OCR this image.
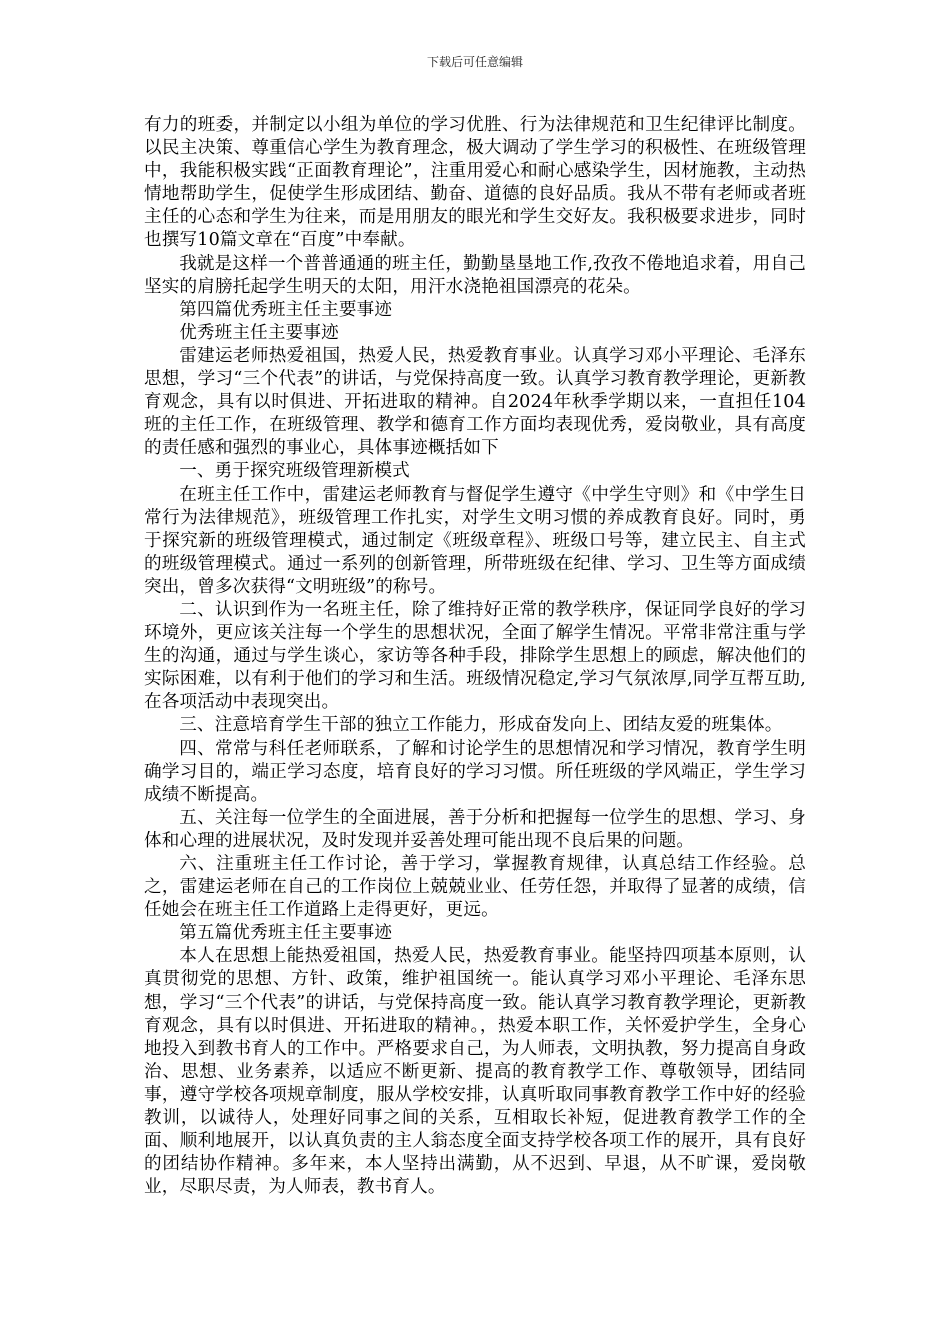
下载后可任意编辑

有力的班委，并制定以小组为单位的学习优胜、行为法律规范和卫生纪律评比制度。以民主决策、尊重信心学生为教育理念，极大调动了学生学习的积极性、在班级管理中，我能积极实践“正面教育理论”，注重用爱心和耐心感染学生，因材施教，主动热情地帮助学生，促使学生形成团结、勤奋、道德的良好品质。我从不带有老师或者班主任的心态和学生为往来，而是用朋友的眼光和学生交好友。我积极要求进步，同时也撰写10篇文章在“百度”中奉献。

我就是这样一个普普通通的班主任，勤勤垦垦地工作,孜孜不倦地追求着，用自己坚实的肩膀托起学生明天的太阳，用汗水浇艳祖国漂亮的花朵。

第四篇优秀班主任主要事迹

优秀班主任主要事迹

雷建运老师热爱祖国，热爱人民，热爱教育事业。认真学习邓小平理论、毛泽东思想，学习“三个代表”的讲话，与党保持高度一致。认真学习教育教学理论，更新教育观念，具有以时俱进、开拓进取的精神。自2024年秋季学期以来，一直担任104班的主任工作，在班级管理、教学和德育工作方面均表现优秀，爱岗敬业，具有高度的责任感和强烈的事业心，具体事迹概括如下

一、勇于探究班级管理新模式

在班主任工作中，雷建运老师教育与督促学生遵守《中学生守则》和《中学生日常行为法律规范》，班级管理工作扎实，对学生文明习惯的养成教育良好。同时，勇于探究新的班级管理模式，通过制定《班级章程》、班级口号等，建立民主、自主式的班级管理模式。通过一系列的创新管理，所带班级在纪律、学习、卫生等方面成绩突出，曾多次获得“文明班级”的称号。

二、认识到作为一名班主任，除了维持好正常的教学秩序，保证同学良好的学习环境外，更应该关注每一个学生的思想状况，全面了解学生情况。平常非常注重与学生的沟通，通过与学生谈心，家访等各种手段，排除学生思想上的顾虑，解决他们的实际困难，以有利于他们的学习和生活。班级情况稳定,学习气氛浓厚,同学互帮互助,在各项活动中表现突出。

三、注意培育学生干部的独立工作能力，形成奋发向上、团结友爱的班集体。

四、常常与科任老师联系，了解和讨论学生的思想情况和学习情况，教育学生明确学习目的，端正学习态度，培育良好的学习习惯。所任班级的学风端正，学生学习成绩不断提高。

五、关注每一位学生的全面进展，善于分析和把握每一位学生的思想、学习、身体和心理的进展状况，及时发现并妥善处理可能出现不良后果的问题。

六、注重班主任工作讨论，善于学习，掌握教育规律，认真总结工作经验。总之，雷建运老师在自己的工作岗位上兢兢业业、任劳任怨，并取得了显著的成绩，信任她会在班主任工作道路上走得更好，更远。

第五篇优秀班主任主要事迹

本人在思想上能热爱祖国，热爱人民，热爱教育事业。能坚持四项基本原则，认真贯彻党的思想、方针、政策，维护祖国统一。能认真学习邓小平理论、毛泽东思想，学习“三个代表”的讲话，与党保持高度一致。能认真学习教育教学理论，更新教育观念，具有以时俱进、开拓进取的精神。，热爱本职工作，关怀爱护学生，全身心地投入到教书育人的工作中。严格要求自己，为人师表，文明执教，努力提高自身政治、思想、业务素养，以适应不断更新、提高的教育教学工作、尊敬领导，团结同事，遵守学校各项规章制度，服从学校安排，认真听取同事教育教学工作中好的经验教训，以诚待人，处理好同事之间的关系，互相取长补短，促进教育教学工作的全面、顺利地展开，以认真负责的主人翁态度全面支持学校各项工作的展开，具有良好的团结协作精神。多年来，本人坚持出满勤，从不迟到、早退，从不旷课，爱岗敬业，尽职尽责，为人师表，教书育人。
